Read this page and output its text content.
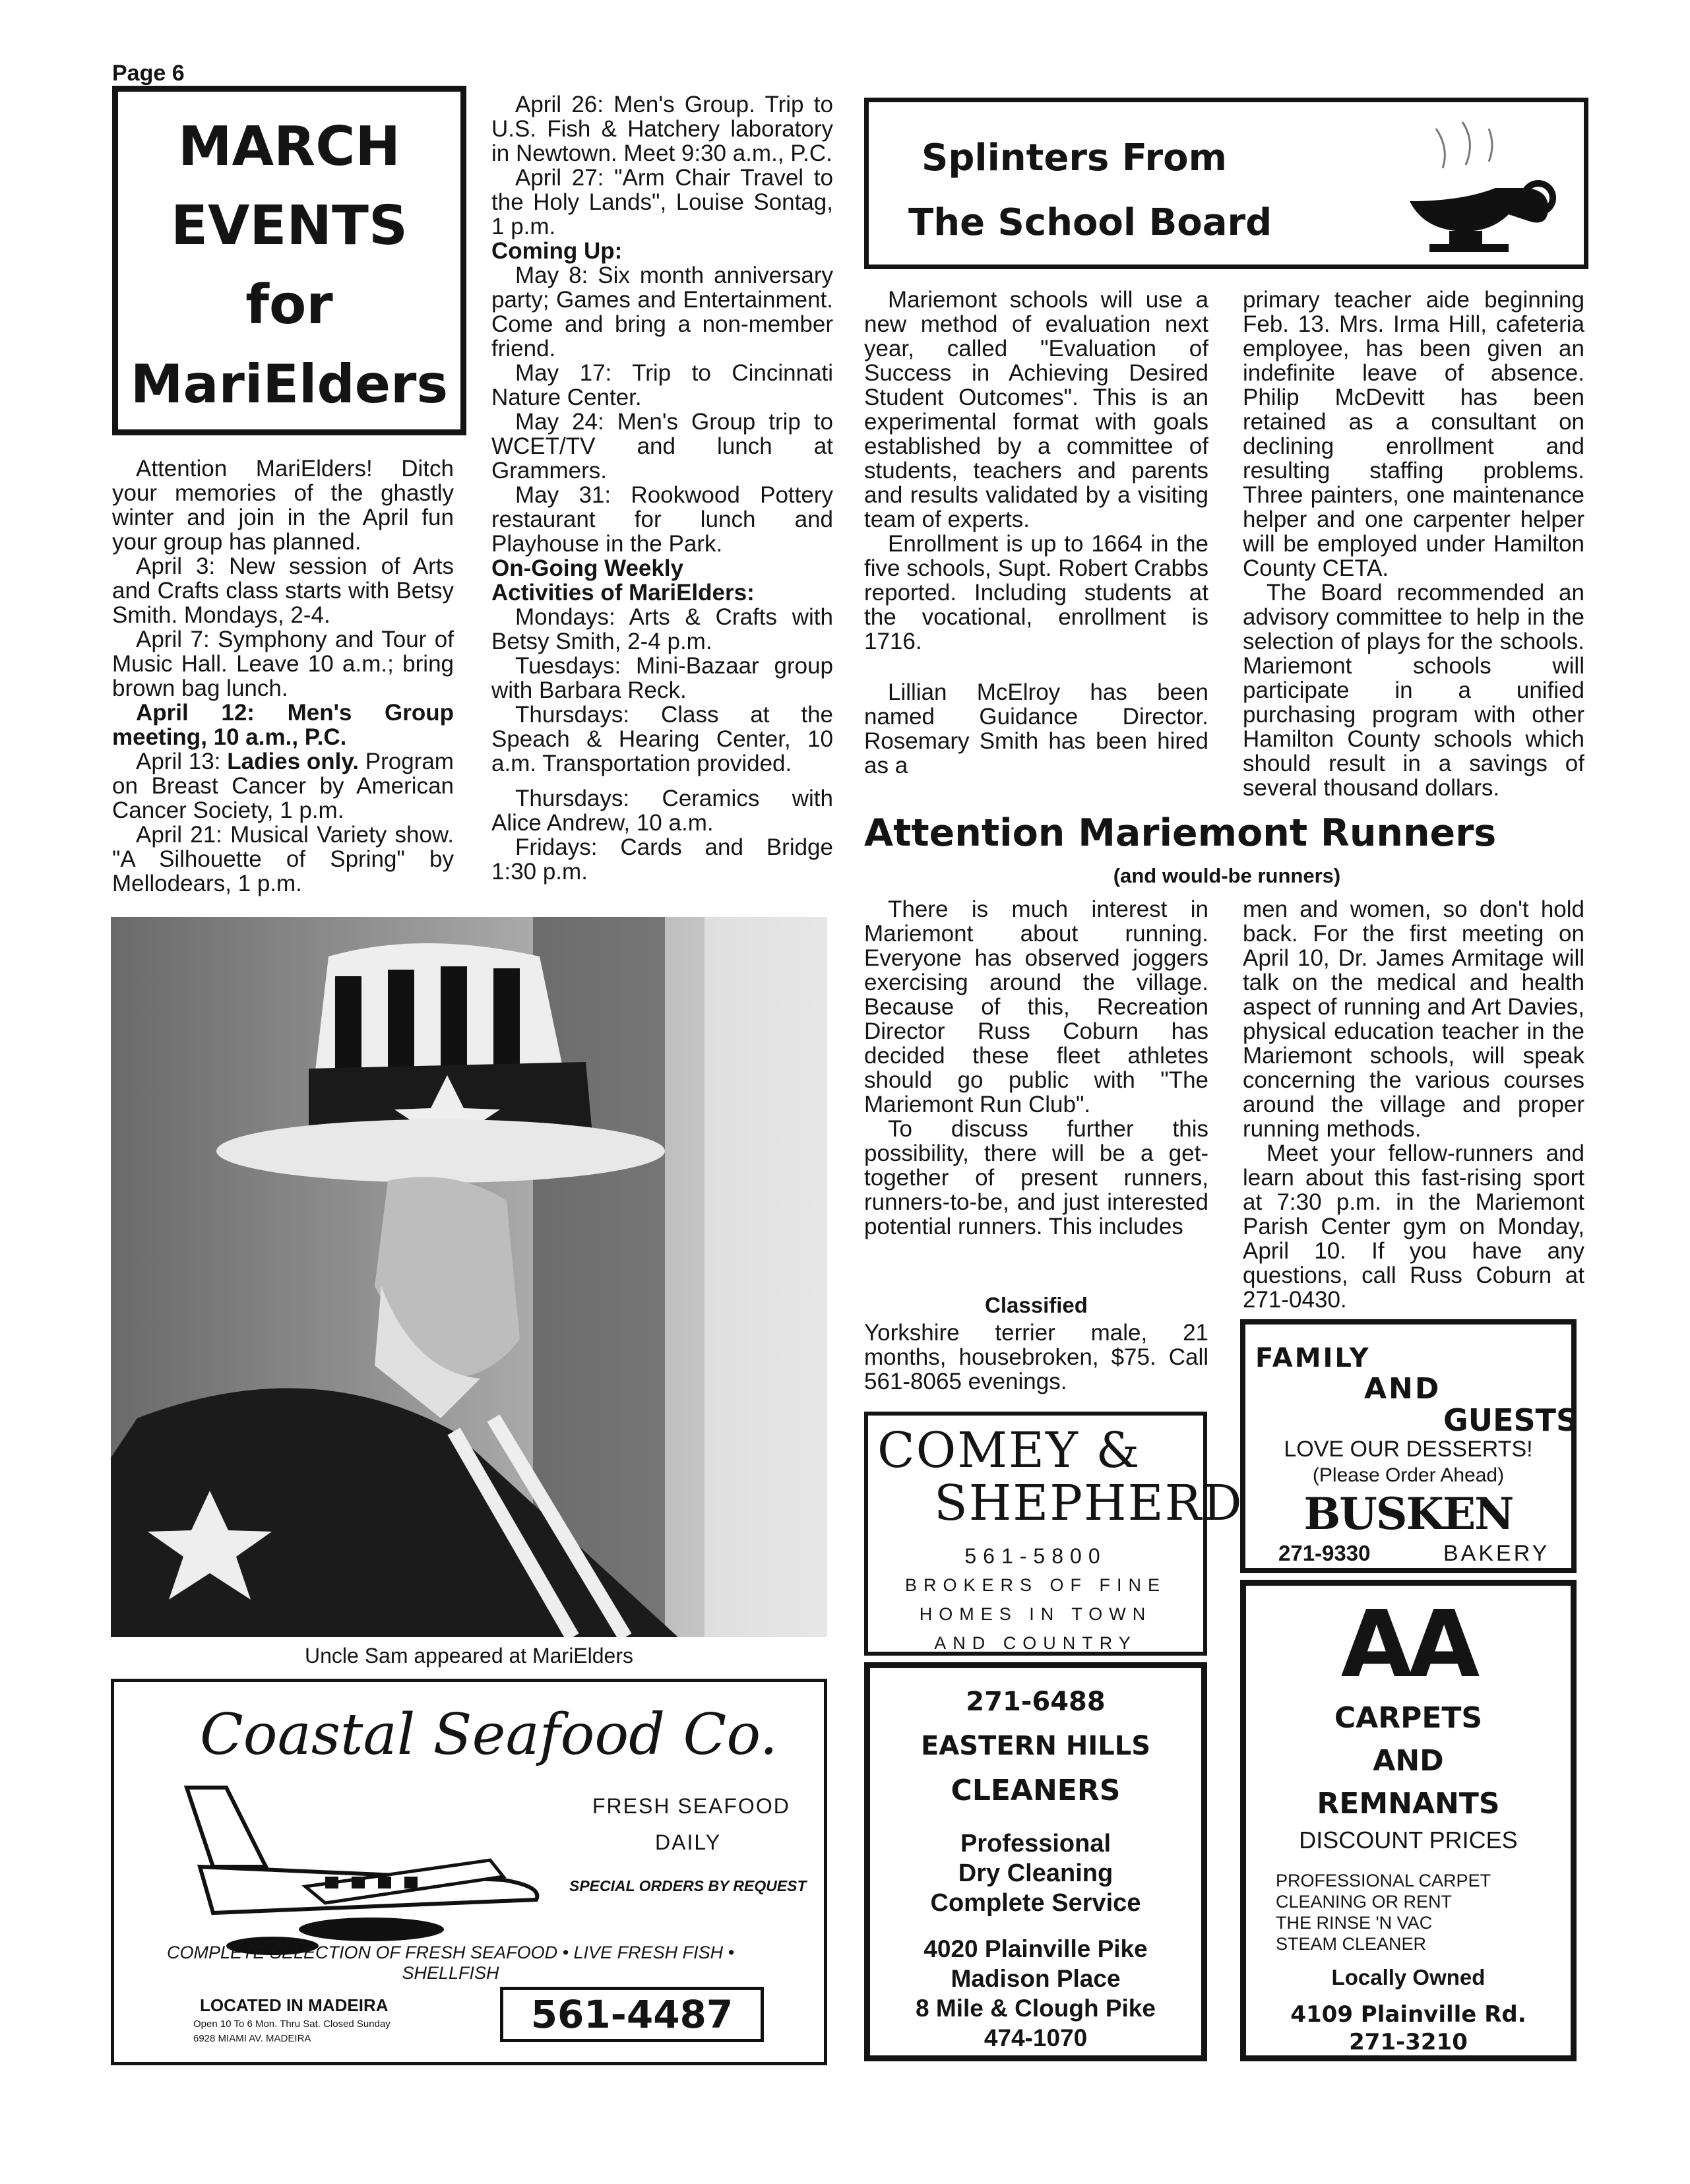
Page 6
MARCH
EVENTS
for
MariElders

Attention MariElders! Ditch your memories of the ghastly winter and join in the April fun your group has planned.

April 3: New session of Arts and Crafts class starts with Betsy Smith. Mondays, 2-4.

April 7: Symphony and Tour of Music Hall. Leave 10 a.m.; bring brown bag lunch.

April 12: Men's Group meeting, 10 a.m., P.C.

April 13: Ladies only. Program on Breast Cancer by American Cancer Society, 1 p.m.

April 21: Musical Variety show. "A Silhouette of Spring" by Mellodears, 1 p.m.

April 26: Men's Group. Trip to U.S. Fish & Hatchery laboratory in Newtown. Meet 9:30 a.m., P.C.

April 27: "Arm Chair Travel to the Holy Lands", Louise Sontag, 1 p.m.

Coming Up:

May 8: Six month anniversary party; Games and Entertainment. Come and bring a non-member friend.

May 17: Trip to Cincinnati Nature Center.

May 24: Men's Group trip to WCET/TV and lunch at Grammers.

May 31: Rookwood Pottery restaurant for lunch and Playhouse in the Park.

On-Going Weekly

Activities of MariElders:

Mondays: Arts & Crafts with Betsy Smith, 2-4 p.m.

Tuesdays: Mini-Bazaar group with Barbara Reck.

Thursdays: Class at the Speach & Hearing Center, 10 a.m. Transportation provided.

Thursdays: Ceramics with Alice Andrew, 10 a.m.

Fridays: Cards and Bridge 1:30 p.m.

Uncle Sam appeared at MariElders
Coastal Seafood Co.
FRESH SEAFOOD
DAILY
SPECIAL ORDERS BY REQUEST
COMPLETE SELECTION OF FRESH SEAFOOD • LIVE FRESH FISH • SHELLFISH
LOCATED IN MADEIRA
Open 10 To 6 Mon. Thru Sat. Closed Sunday
6928 MIAMI AV. MADEIRA
561-4487
Splinters From
The School Board

Mariemont schools will use a new method of evaluation next year, called "Evaluation of Success in Achieving Desired Student Outcomes". This is an experimental format with goals established by a committee of students, teachers and parents and results validated by a visiting team of experts.

Enrollment is up to 1664 in the five schools, Supt. Robert Crabbs reported. Including students at the vocational, enrollment is 1716.

Lillian McElroy has been named Guidance Director. Rosemary Smith has been hired as a

primary teacher aide beginning Feb. 13. Mrs. Irma Hill, cafeteria employee, has been given an indefinite leave of absence. Philip McDevitt has been retained as a consultant on declining enrollment and resulting staffing problems. Three painters, one maintenance helper and one carpenter helper will be employed under Hamilton County CETA.

The Board recommended an advisory committee to help in the selection of plays for the schools. Mariemont schools will participate in a unified purchasing program with other Hamilton County schools which should result in a savings of several thousand dollars.

Attention Mariemont Runners
(and would-be runners)

There is much interest in Mariemont about running. Everyone has observed joggers exercising around the village. Because of this, Recreation Director Russ Coburn has decided these fleet athletes should go public with "The Mariemont Run Club".

To discuss further this possibility, there will be a get-together of present runners, runners-to-be, and just interested potential runners. This includes

men and women, so don't hold back. For the first meeting on April 10, Dr. James Armitage will talk on the medical and health aspect of running and Art Davies, physical education teacher in the Mariemont schools, will speak concerning the various courses around the village and proper running methods.

Meet your fellow-runners and learn about this fast-rising sport at 7:30 p.m. in the Mariemont Parish Center gym on Monday, April 10. If you have any questions, call Russ Coburn at 271-0430.

Classified

Yorkshire terrier male, 21 months, housebroken, $75. Call 561-8065 evenings.

COMEY &
SHEPHERD
561-5800
BROKERS OF FINE
HOMES IN TOWN
AND COUNTRY
271-6488
EASTERN HILLS
CLEANERS
Professional
Dry Cleaning
Complete Service
4020 Plainville Pike
Madison Place
8 Mile & Clough Pike
474-1070
FAMILY
AND
GUESTS
LOVE OUR DESSERTS!
(Please Order Ahead)
BUSKEN
271-9330	BAKERY
AA
CARPETS
AND
REMNANTS
DISCOUNT PRICES
PROFESSIONAL CARPET
CLEANING OR RENT
THE RINSE 'N VAC
STEAM CLEANER
Locally Owned
4109 Plainville Rd.
271-3210
